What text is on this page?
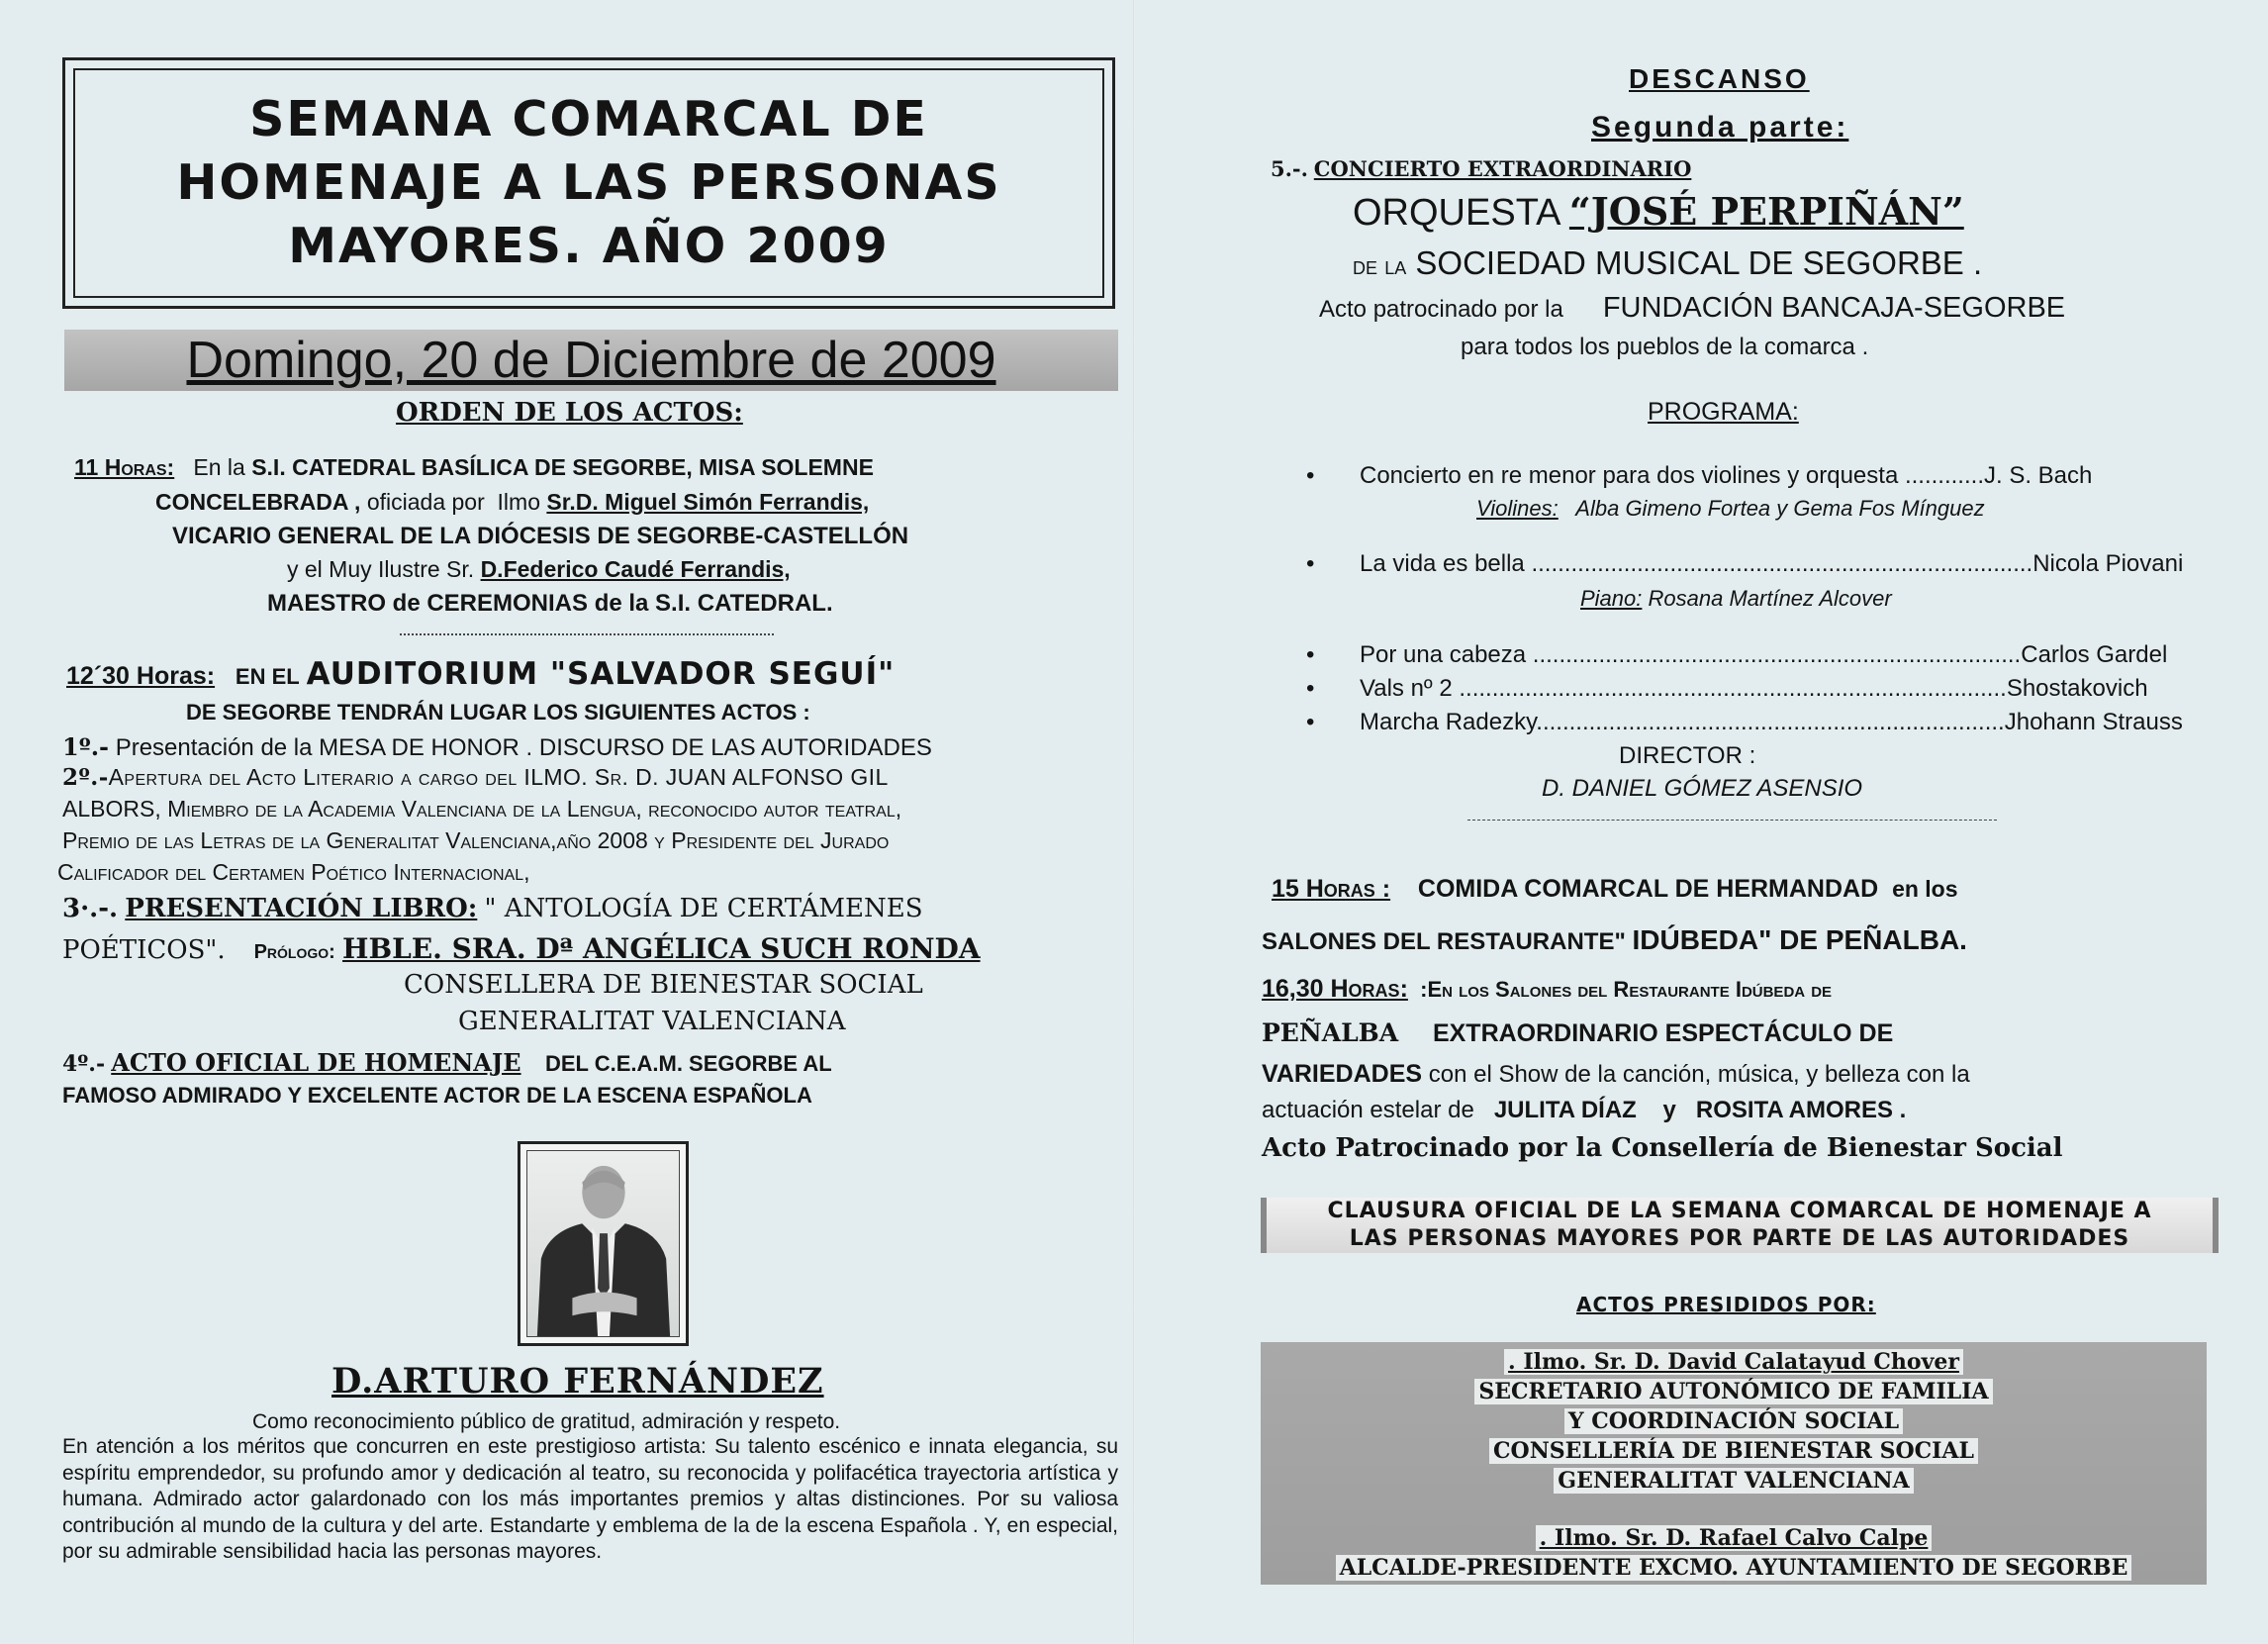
SEMANA COMARCAL DE
HOMENAJE A LAS PERSONAS
MAYORES. AÑO 2009
Domingo, 20 de Diciembre de 2009
ORDEN DE LOS ACTOS:
11 Horas: En la S.I. CATEDRAL BASÍLICA DE SEGORBE, MISA SOLEMNE
CONCELEBRADA , oficiada por Ilmo Sr.D. Miguel Simón Ferrandis,
VICARIO GENERAL DE LA DIÓCESIS DE SEGORBE-CASTELLÓN
y el Muy Ilustre Sr. D.Federico Caudé Ferrandis,
MAESTRO de CEREMONIAS de la S.I. CATEDRAL.
12´30 Horas: EN EL AUDITORIUM "SALVADOR SEGUÍ"
DE SEGORBE TENDRÁN LUGAR LOS SIGUIENTES ACTOS :
1º.- Presentación de la MESA DE HONOR . DISCURSO DE LAS AUTORIDADES
2º.-Apertura del Acto Literario a cargo del ILMO. Sr. D. JUAN ALFONSO GIL
ALBORS, Miembro de la Academia Valenciana de la Lengua, reconocido autor teatral,
Premio de las Letras de la Generalitat Valenciana,año 2008 y Presidente del Jurado
Calificador del Certamen Poético Internacional,
3·.-. PRESENTACIÓN LIBRO: " ANTOLOGÍA DE CERTÁMENES
POÉTICOS". Prólogo: HBLE. SRA. Dª ANGÉLICA SUCH RONDA
CONSELLERA DE BIENESTAR SOCIAL
GENERALITAT VALENCIANA
4º.- ACTO OFICIAL DE HOMENAJE DEL C.E.A.M. SEGORBE AL
FAMOSO ADMIRADO Y EXCELENTE ACTOR DE LA ESCENA ESPAÑOLA
D.ARTURO FERNÁNDEZ
Como reconocimiento público de gratitud, admiración y respeto.
En atención a los méritos que concurren en este prestigioso artista: Su talento escénico e innata elegancia, su espíritu emprendedor, su profundo amor y dedicación al teatro, su reconocida y polifacética trayectoria artística y humana. Admirado actor galardonado con los más importantes premios y altas distinciones. Por su valiosa contribución al mundo de la cultura y del arte. Estandarte y emblema de la de la escena Española . Y, en especial, por su admirable sensibilidad hacia las personas mayores.
DESCANSO
Segunda parte:
5.-. CONCIERTO EXTRAORDINARIO
ORQUESTA “JOSÉ PERPIÑÁN”
de la SOCIEDAD MUSICAL DE SEGORBE .
Acto patrocinado por la FUNDACIÓN BANCAJA-SEGORBE
para todos los pueblos de la comarca .
PROGRAMA:
• Concierto en re menor para dos violines y orquesta ............J. S. Bach
Violines: Alba Gimeno Fortea y Gema Fos Mínguez
• La vida es bella ............................................................................Nicola Piovani
Piano: Rosana Martínez Alcover
• Por una cabeza ..........................................................................Carlos Gardel
• Vals nº 2 ...................................................................................Shostakovich
• Marcha Radezky.......................................................................Jhohann Strauss
DIRECTOR :
D. DANIEL GÓMEZ ASENSIO
15 Horas : COMIDA COMARCAL DE HERMANDAD en los
SALONES DEL RESTAURANTE" IDÚBEDA" DE PEÑALBA.
16,30 Horas: :En los Salones del Restaurante Idúbeda de
PEÑALBA EXTRAORDINARIO ESPECTÁCULO DE
VARIEDADES con el Show de la canción, música, y belleza con la
actuación estelar de JULITA DÍAZ y ROSITA AMORES .
Acto Patrocinado por la Consellería de Bienestar Social
CLAUSURA OFICIAL DE LA SEMANA COMARCAL DE HOMENAJE A
LAS PERSONAS MAYORES POR PARTE DE LAS AUTORIDADES
ACTOS PRESIDIDOS POR:
. Ilmo. Sr. D. David Calatayud Chover
SECRETARIO AUTONÓMICO DE FAMILIA
Y COORDINACIÓN SOCIAL
CONSELLERÍA DE BIENESTAR SOCIAL
GENERALITAT VALENCIANA
. Ilmo. Sr. D. Rafael Calvo Calpe
ALCALDE-PRESIDENTE EXCMO. AYUNTAMIENTO DE SEGORBE
